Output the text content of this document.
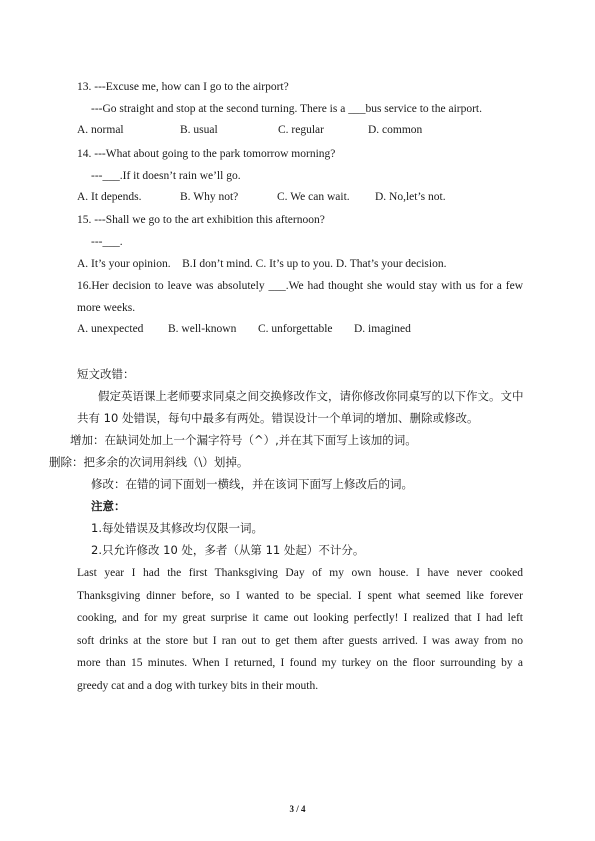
13. ---Excuse me, how can I go to the airport?
---Go straight and stop at the second turning. There is a ___bus service to the airport.
A. normal	B. usual	C. regular	D. common
14. ---What about going to the park tomorrow morning?
---___.If it doesn’t rain we’ll go.
A. It depends.	B. Why not?	C. We can wait. D. No,let’s not.
15. ---Shall we go to the art exhibition this afternoon?
---___.
A. It’s your opinion.    B.I don’t mind. C. It’s up to you. D. That’s your decision.
16.Her decision to leave was absolutely ___.We had thought she would stay with us for a few
more weeks.
A. unexpected B. well-known C. unforgettable D. imagined
短文改错：
假定英语课上老师要求同桌之间交换修改作文，请你修改你同桌写的以下作文。文中
共有 10 处错误，每句中最多有两处。错误设计一个单词的增加、删除或修改。
增加：在缺词处加上一个漏字符号（^）,并在其下面写上该加的词。
删除：把多余的次词用斜线（\）划掉。
修改：在错的词下面划一横线，并在该词下面写上修改后的词。
注意：
1.每处错误及其修改均仅限一词。
2.只允许修改 10 处，多者（从第 11 处起）不计分。
Last year I had the first Thanksgiving Day of my own house. I have never cooked
Thanksgiving dinner before, so I wanted to be special. I spent what seemed like forever
cooking, and for my great surprise it came out looking perfectly! I realized that I had left
soft drinks at the store but I ran out to get them after guests arrived. I was away from no
more than 15 minutes. When I returned, I found my turkey on the floor surrounding by a
greedy cat and a dog with turkey bits in their mouth.
3 / 4
